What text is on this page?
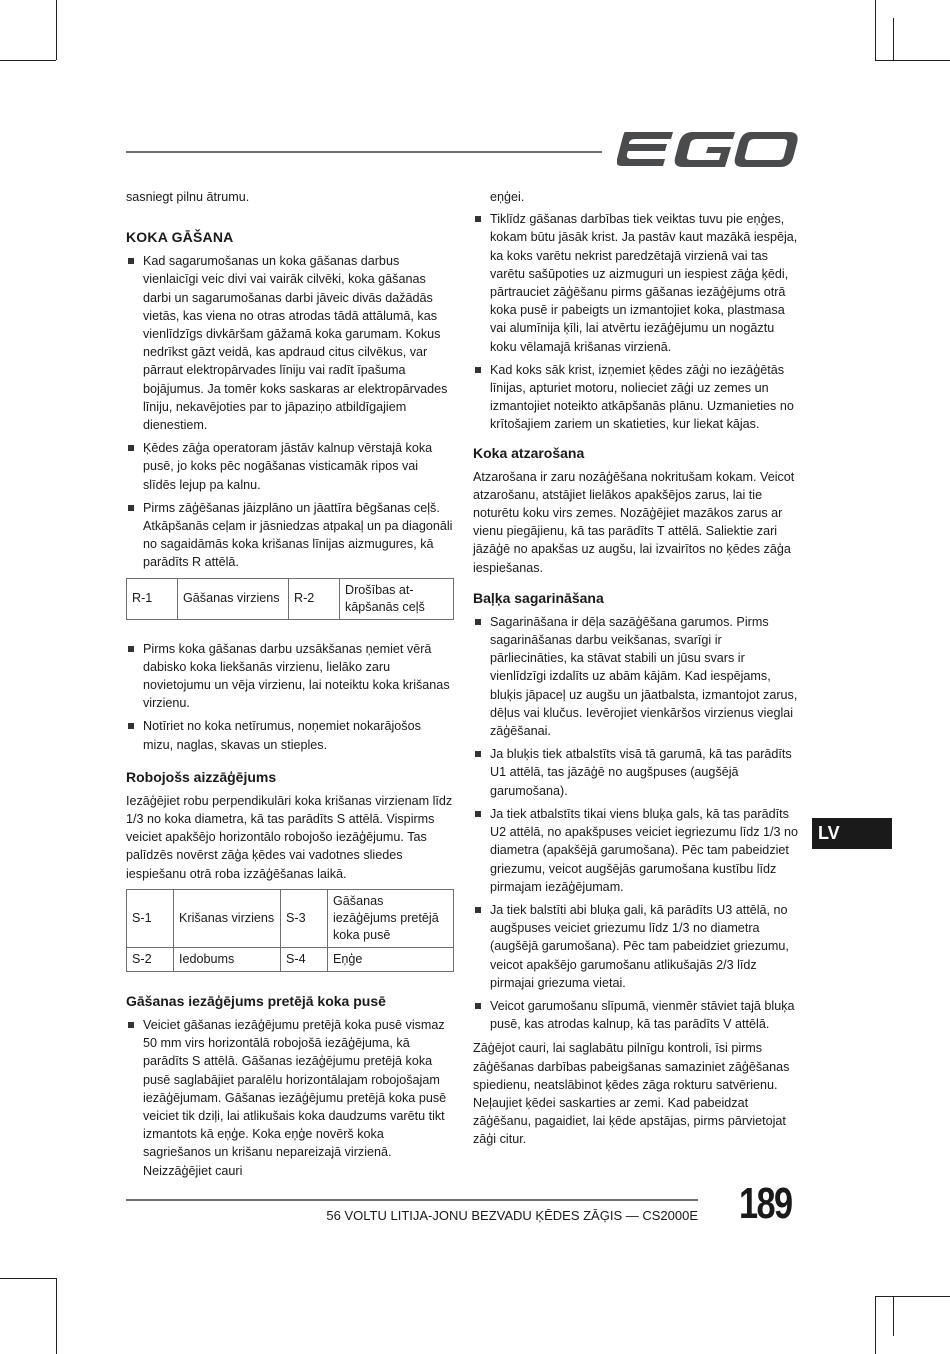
sasniegt pilnu ātrumu.

KOKA GĀŠANA
Kad sagarumošanas un koka gāšanas darbus vienlaicīgi veic divi vai vairāk cilvēki, koka gāšanas darbi un sagarumošanas darbi jāveic divās dažādās vietās, kas viena no otras atrodas tādā attālumā, kas vienlīdzīgs divkāršam gāžamā koka garumam. Kokus nedrīkst gāzt veidā, kas apdraud citus cilvēkus, var pārraut elektropārvades līniju vai radīt īpašuma bojājumus. Ja tomēr koks saskaras ar elektropārvades līniju, nekavējoties par to jāpaziņo atbildīgajiem dienestiem.
Ķēdes zāģa operatoram jāstāv kalnup vērstajā koka pusē, jo koks pēc nogāšanas visticamāk ripos vai slīdēs lejup pa kalnu.
Pirms zāģēšanas jāizplāno un jāattīra bēgšanas ceļš. Atkāpšanās ceļam ir jāsniedzas atpakaļ un pa diagonāli no sagaidāmās koka krišanas līnijas aizmugures, kā parādīts R attēlā.
R-1	Gāšanas virziens	R-2	Drošības at-kāpšanās ceļš
Pirms koka gāšanas darbu uzsākšanas ņemiet vērā dabisko koka liekšanās virzienu, lielāko zaru novietojumu un vēja virzienu, lai noteiktu koka krišanas virzienu.
Notīriet no koka netīrumus, noņemiet nokarājošos mizu, naglas, skavas un stieples.
Robojošs aizzāģējums

Iezāģējiet robu perpendikulāri koka krišanas virzienam līdz 1/3 no koka diametra, kā tas parādīts S attēlā. Vispirms veiciet apakšējo horizontālo robojošo iezāģējumu. Tas palīdzēs novērst zāģa ķēdes vai vadotnes sliedes iespiešanu otrā roba izzāģēšanas laikā.

S-1	Krišanas virziens	S-3	Gāšanas iezāģējums pretējā koka pusē
S-2	Iedobums	S-4	Eņģe
Gāšanas iezāģējums pretējā koka pusē
Veiciet gāšanas iezāģējumu pretējā koka pusē vismaz 50 mm virs horizontālā robojošā iezāģējuma, kā parādīts S attēlā. Gāšanas iezāģējumu pretējā koka pusē saglabājiet paralēlu horizontālajam robojošajam iezāģējumam. Gāšanas iezāģējumu pretējā koka pusē veiciet tik dziļi, lai atlikušais koka daudzums varētu tikt izmantots kā eņģe. Koka eņģe novērš koka sagriešanos un krišanu nepareizajā virzienā. Neizzāģējiet cauri

eņģei.

Tiklīdz gāšanas darbības tiek veiktas tuvu pie eņģes, kokam būtu jāsāk krist. Ja pastāv kaut mazākā iespēja, ka koks varētu nekrist paredzētajā virzienā vai tas varētu sašūpoties uz aizmuguri un iespiest zāģa ķēdi, pārtrauciet zāģēšanu pirms gāšanas iezāģējums otrā koka pusē ir pabeigts un izmantojiet koka, plastmasa vai alumīnija ķīli, lai atvērtu iezāģējumu un nogāztu koku vēlamajā krišanas virzienā.
Kad koks sāk krist, izņemiet ķēdes zāģi no iezāģētās līnijas, apturiet motoru, nolieciet zāģi uz zemes un izmantojiet noteikto atkāpšanās plānu. Uzmanieties no krītošajiem zariem un skatieties, kur liekat kājas.
Koka atzarošana

Atzarošana ir zaru nozāģēšana nokritušam kokam. Veicot atzarošanu, atstājiet lielākos apakšējos zarus, lai tie noturētu koku virs zemes. Nozāģējiet mazākos zarus ar vienu piegājienu, kā tas parādīts T attēlā. Saliektie zari jāzāģē no apakšas uz augšu, lai izvairītos no ķēdes zāģa iespiešanas.

Baļķa sagarināšana
Sagarināšana ir dēļa sazāģēšana garumos. Pirms sagarināšanas darbu veikšanas, svarīgi ir pārliecināties, ka stāvat stabili un jūsu svars ir vienlīdzīgi izdalīts uz abām kājām. Kad iespējams, bluķis jāpaceļ uz augšu un jāatbalsta, izmantojot zarus, dēļus vai klučus. Ievērojiet vienkāršos virzienus vieglai zāģēšanai.
Ja bluķis tiek atbalstīts visā tā garumā, kā tas parādīts U1 attēlā, tas jāzāģē no augšpuses (augšējā garumošana).
Ja tiek atbalstīts tikai viens bluķa gals, kā tas parādīts U2 attēlā, no apakšpuses veiciet iegriezumu līdz 1/3 no diametra (apakšējā garumošana). Pēc tam pabeidziet griezumu, veicot augšējās garumošana kustību līdz pirmajam iezāģējumam.
Ja tiek balstīti abi bluķa gali, kā parādīts U3 attēlā, no augšpuses veiciet griezumu līdz 1/3 no diametra (augšējā garumošana). Pēc tam pabeidziet griezumu, veicot apakšējo garumošanu atlikušajās 2/3 līdz pirmajai griezuma vietai.
Veicot garumošanu slīpumā, vienmēr stāviet tajā bluķa pusē, kas atrodas kalnup, kā tas parādīts V attēlā.

Zāģējot cauri, lai saglabātu pilnīgu kontroli, īsi pirms zāģēšanas darbības pabeigšanas samaziniet zāģēšanas spiedienu, neatslābinot ķēdes zāga rokturu satvērienu. Neļaujiet ķēdei saskarties ar zemi. Kad pabeidzat zāģēšanu, pagaidiet, lai ķēde apstājas, pirms pārvietojat zāģi citur.

LV
56 VOLTU LITIJA-JONU BEZVADU ĶĒDES ZĀĢIS — CS2000E 189
